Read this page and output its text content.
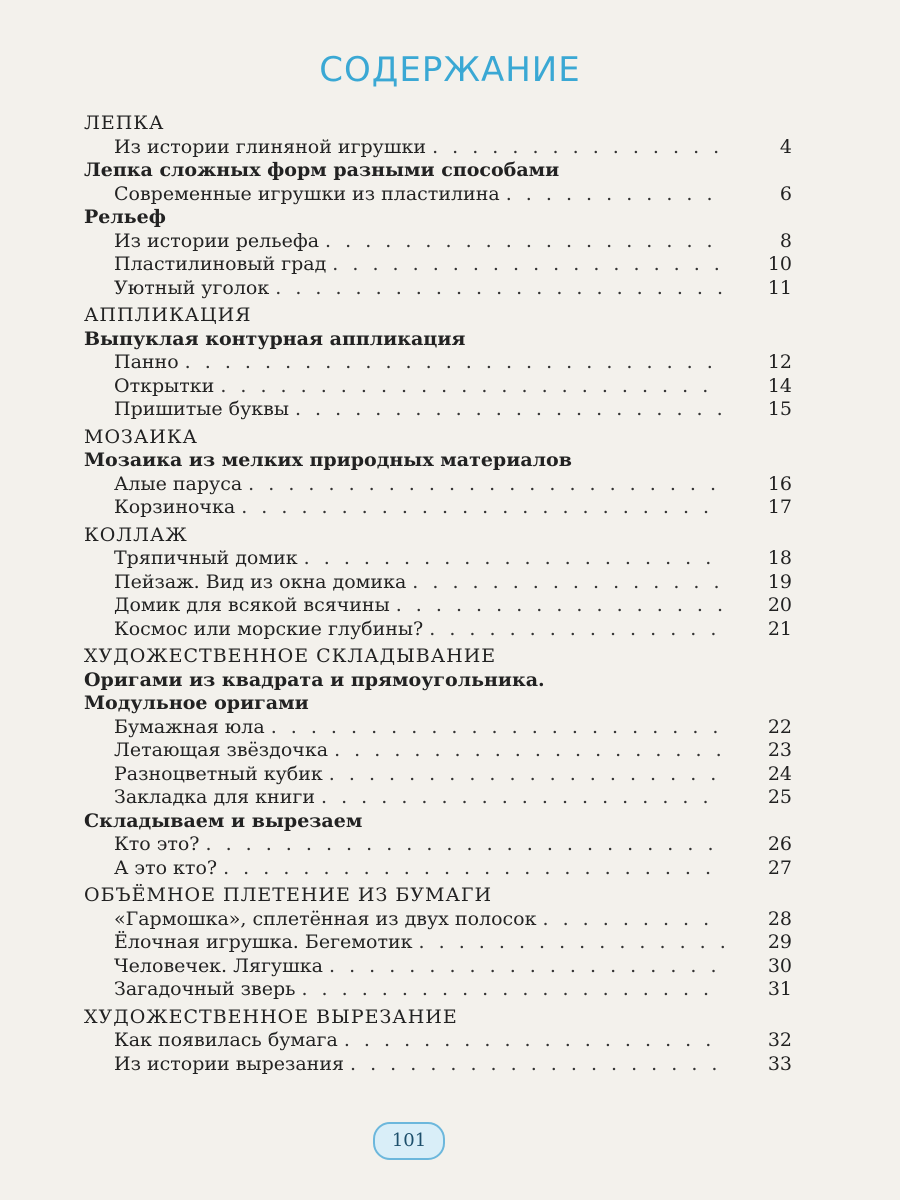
СОДЕРЖАНИЕ
ЛЕПКА
Из истории глиняной игрушки . . .	4
Лепка сложных форм разными способами
Современные игрушки из пластилина . . .	6
Рельеф
Из истории рельефа . . .	8
Пластилиновый град . . .	10
Уютный уголок . . .	11
АППЛИКАЦИЯ
Выпуклая контурная аппликация
Панно . . .	12
Открытки . . .	14
Пришитые буквы . . .	15
МОЗАИКА
Мозаика из мелких природных материалов
Алые паруса . . .	16
Корзиночка . . .	17
КОЛЛАЖ
Тряпичный домик . . .	18
Пейзаж. Вид из окна домика . . .	19
Домик для всякой всячины . . .	20
Космос или морские глубины? . . .	21
ХУДОЖЕСТВЕННОЕ СКЛАДЫВАНИЕ
Оригами из квадрата и прямоугольника.
Модульное оригами
Бумажная юла . . .	22
Летающая звёздочка . . .	23
Разноцветный кубик . . .	24
Закладка для книги . . .	25
Складываем и вырезаем
Кто это? . . .	26
А это кто? . . .	27
ОБЪЁМНОЕ ПЛЕТЕНИЕ ИЗ БУМАГИ
«Гармошка», сплетённая из двух полосок . . .	28
Ёлочная игрушка. Бегемотик . . .	29
Человечек. Лягушка . . .	30
Загадочный зверь . . .	31
ХУДОЖЕСТВЕННОЕ ВЫРЕЗАНИЕ
Как появилась бумага . . .	32
Из истории вырезания . . .	33
101
